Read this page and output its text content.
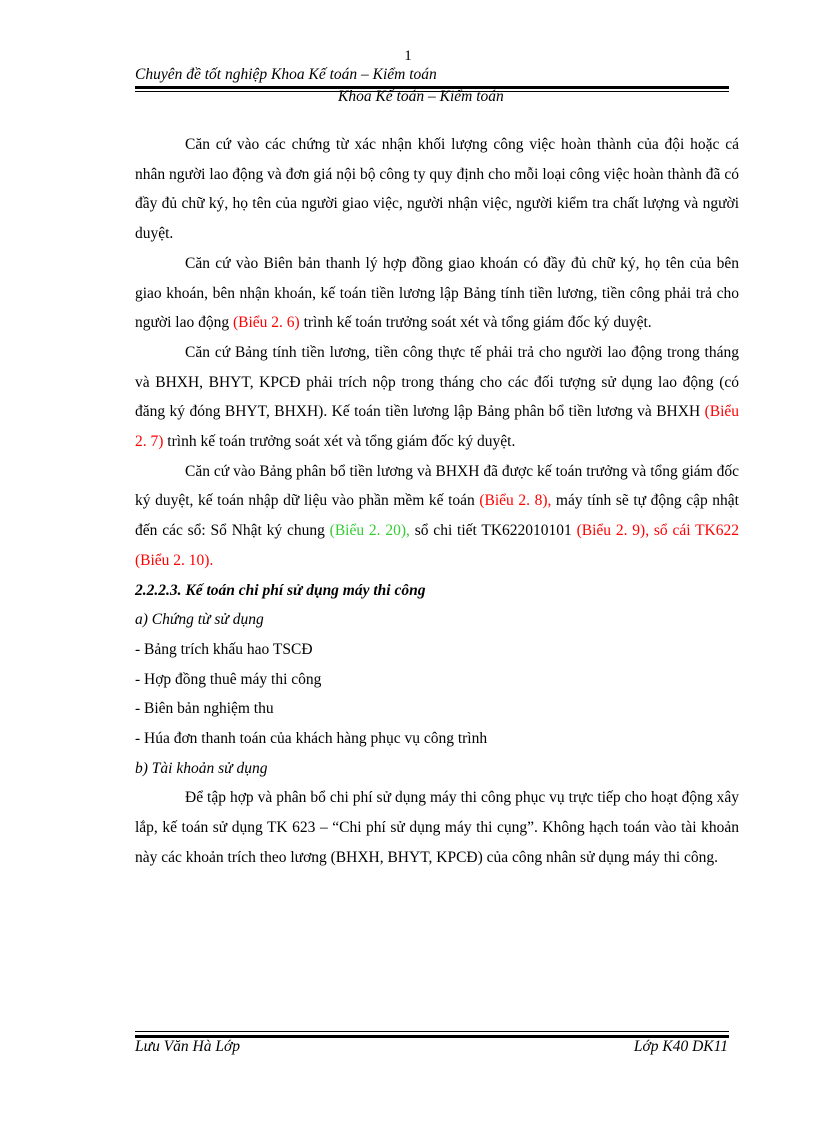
1
Chuyên đề tốt nghiệp Khoa Kế toán – Kiểm toán
Khoa Kế toán – Kiểm toán

Căn cứ vào các chứng từ xác nhận khối lượng công việc hoàn thành của đội hoặc cá nhân người lao động và đơn giá nội bộ công ty quy định cho mỗi loại công việc hoàn thành đã có đầy đủ chữ ký, họ tên của người giao việc, người nhận việc, người kiểm tra chất lượng và người duyệt.

Căn cứ vào Biên bản thanh lý hợp đồng giao khoán có đầy đủ chữ ký, họ tên của bên giao khoán, bên nhận khoán, kế toán tiền lương lập Bảng tính tiền lương, tiền công phải trả cho người lao động (Biểu 2. 6) trình kế toán trưởng soát xét và tổng giám đốc ký duyệt.

Căn cứ Bảng tính tiền lương, tiền công thực tế phải trả cho người lao động trong tháng và BHXH, BHYT, KPCĐ phải trích nộp trong tháng cho các đối tượng sử dụng lao động (có đăng ký đóng BHYT, BHXH). Kế toán tiền lương lập Bảng phân bổ tiền lương và BHXH (Biểu 2. 7) trình kế toán trưởng soát xét và tổng giám đốc ký duyệt.

Căn cứ vào Bảng phân bổ tiền lương và BHXH đã được kế toán trưởng và tổng giám đốc ký duyệt, kế toán nhập dữ liệu vào phần mềm kế toán (Biểu 2. 8), máy tính sẽ tự động cập nhật đến các sổ: Sổ Nhật ký chung (Biểu 2. 20), sổ chi tiết TK622010101 (Biểu 2. 9), sổ cái TK622 (Biểu 2. 10).

2.2.2.3. Kế toán chi phí sử dụng máy thi công

a) Chứng từ sử dụng

- Bảng trích khấu hao TSCĐ

- Hợp đồng thuê máy thi công

- Biên bản nghiệm thu

- Húa đơn thanh toán của khách hàng phục vụ công trình

b) Tài khoản sử dụng

Để tập hợp và phân bổ chi phí sử dụng máy thi công phục vụ trực tiếp cho hoạt động xây lắp, kế toán sử dụng TK 623 – “Chi phí sử dụng máy thi cụng”. Không hạch toán vào tài khoản này các khoản trích theo lương (BHXH, BHYT, KPCĐ) của công nhân sử dụng máy thi công.

Lưu Văn Hà Lớp	Lớp K40 DK11
